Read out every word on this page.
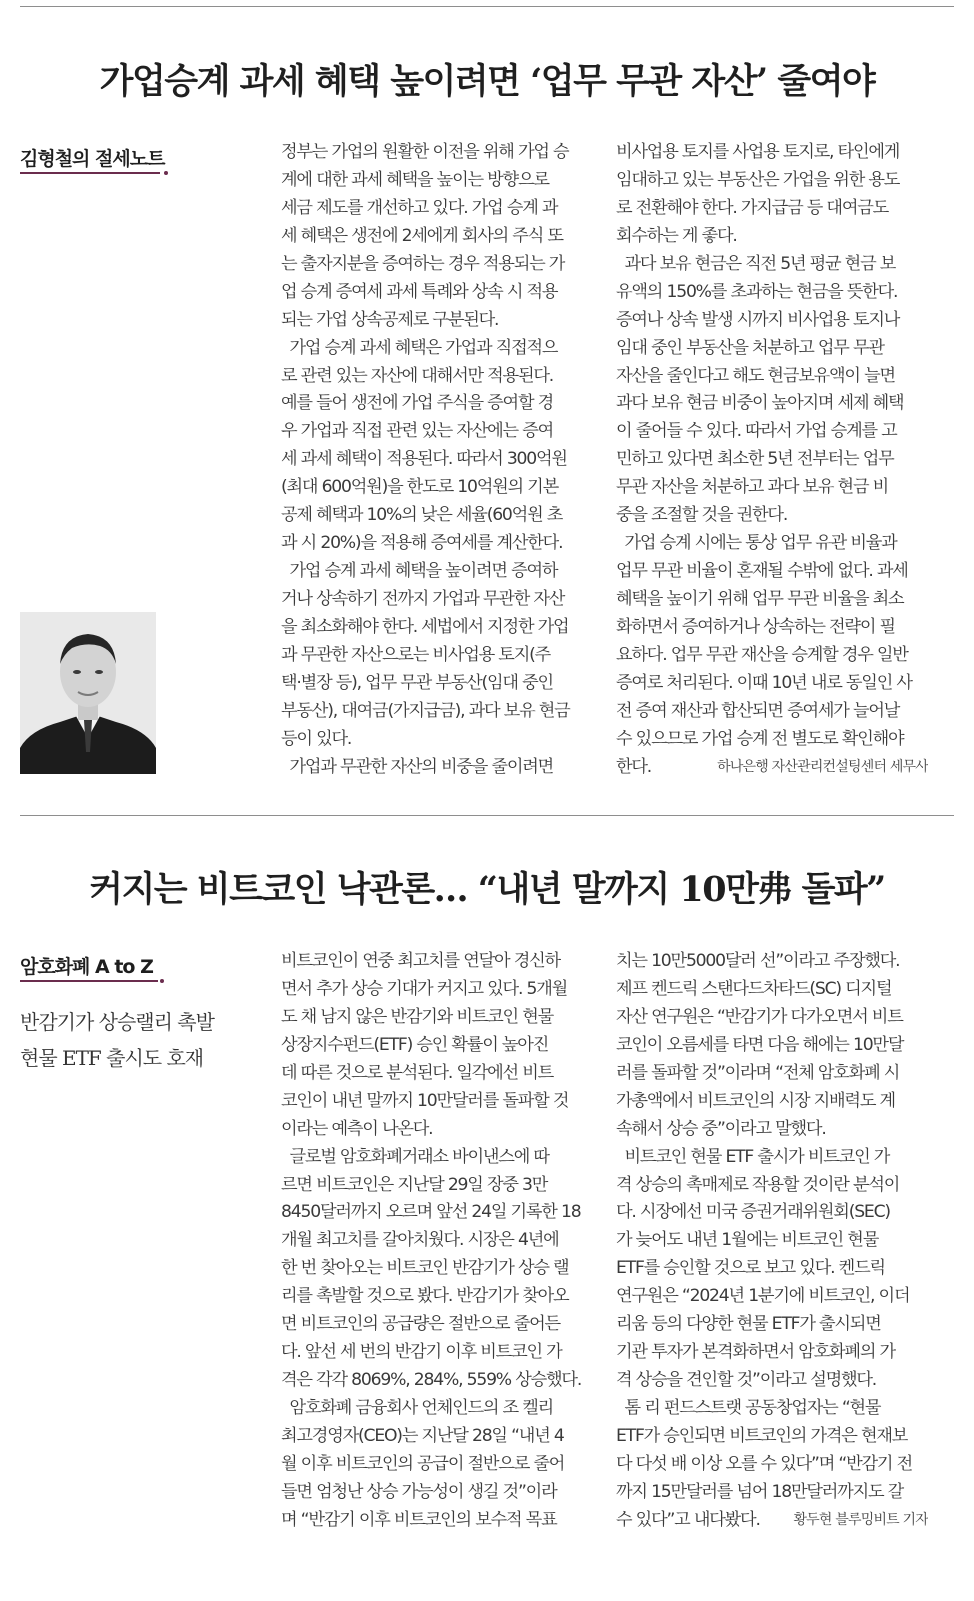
가업승계 과세 혜택 높이려면 ‘업무 무관 자산’ 줄여야
김형철의 절세노트	정부는 가업의 원활한 이전을 위해 가업 승
계에 대한 과세 혜택을 높이는 방향으로
세금 제도를 개선하고 있다. 가업 승계 과
세 혜택은 생전에 2세에게 회사의 주식 또
는 출자지분을 증여하는 경우 적용되는 가
업 승계 증여세 과세 특례와 상속 시 적용
되는 가업 상속공제로 구분된다.
가업 승계 과세 혜택은 가업과 직접적으
로 관련 있는 자산에 대해서만 적용된다.
예를 들어 생전에 가업 주식을 증여할 경
우 가업과 직접 관련 있는 자산에는 증여
세 과세 혜택이 적용된다. 따라서 300억원
(최대 600억원)을 한도로 10억원의 기본
공제 혜택과 10%의 낮은 세율(60억원 초
과 시 20%)을 적용해 증여세를 계산한다.
가업 승계 과세 혜택을 높이려면 증여하
거나 상속하기 전까지 가업과 무관한 자산
을 최소화해야 한다. 세법에서 지정한 가업
과 무관한 자산으로는 비사업용 토지(주
택·별장 등), 업무 무관 부동산(임대 중인
부동산), 대여금(가지급금), 과다 보유 현금
등이 있다.
가업과 무관한 자산의 비중을 줄이려면
비사업용 토지를 사업용 토지로, 타인에게
임대하고 있는 부동산은 가업을 위한 용도
로 전환해야 한다. 가지급금 등 대여금도
회수하는 게 좋다.
과다 보유 현금은 직전 5년 평균 현금 보
유액의 150%를 초과하는 현금을 뜻한다.
증여나 상속 발생 시까지 비사업용 토지나
임대 중인 부동산을 처분하고 업무 무관
자산을 줄인다고 해도 현금보유액이 늘면
과다 보유 현금 비중이 높아지며 세제 혜택
이 줄어들 수 있다. 따라서 가업 승계를 고
민하고 있다면 최소한 5년 전부터는 업무
무관 자산을 처분하고 과다 보유 현금 비
중을 조절할 것을 권한다.
가업 승계 시에는 통상 업무 유관 비율과
업무 무관 비율이 혼재될 수밖에 없다. 과세
혜택을 높이기 위해 업무 무관 비율을 최소
화하면서 증여하거나 상속하는 전략이 필
요하다. 업무 무관 재산을 승계할 경우 일반
증여로 처리된다. 이때 10년 내로 동일인 사
전 증여 재산과 합산되면 증여세가 늘어날
수 있으므로 가업 승계 전 별도로 확인해야
한다.	하나은행 자산관리컨설팅센터 세무사
커지는 비트코인 낙관론… “내년 말까지 10만弗 돌파”
암호화폐 A to Z
반감기가 상승랠리 촉발
현물 ETF 출시도 호재
비트코인이 연중 최고치를 연달아 경신하
면서 추가 상승 기대가 커지고 있다. 5개월
도 채 남지 않은 반감기와 비트코인 현물
상장지수펀드(ETF) 승인 확률이 높아진
데 따른 것으로 분석된다. 일각에선 비트
코인이 내년 말까지 10만달러를 돌파할 것
이라는 예측이 나온다.
글로벌 암호화폐거래소 바이낸스에 따
르면 비트코인은 지난달 29일 장중 3만
8450달러까지 오르며 앞선 24일 기록한 18
개월 최고치를 갈아치웠다. 시장은 4년에
한 번 찾아오는 비트코인 반감기가 상승 랠
리를 촉발할 것으로 봤다. 반감기가 찾아오
면 비트코인의 공급량은 절반으로 줄어든
다. 앞선 세 번의 반감기 이후 비트코인 가
격은 각각 8069%, 284%, 559% 상승했다.
암호화폐 금융회사 언체인드의 조 켈리
최고경영자(CEO)는 지난달 28일 “내년 4
월 이후 비트코인의 공급이 절반으로 줄어
들면 엄청난 상승 가능성이 생길 것”이라
며 “반감기 이후 비트코인의 보수적 목표
치는 10만5000달러 선”이라고 주장했다.
제프 켄드릭 스탠다드차타드(SC) 디지털
자산 연구원은 “반감기가 다가오면서 비트
코인이 오름세를 타면 다음 해에는 10만달
러를 돌파할 것”이라며 “전체 암호화폐 시
가총액에서 비트코인의 시장 지배력도 계
속해서 상승 중”이라고 말했다.
비트코인 현물 ETF 출시가 비트코인 가
격 상승의 촉매제로 작용할 것이란 분석이
다. 시장에선 미국 증권거래위원회(SEC)
가 늦어도 내년 1월에는 비트코인 현물
ETF를 승인할 것으로 보고 있다. 켄드릭
연구원은 “2024년 1분기에 비트코인, 이더
리움 등의 다양한 현물 ETF가 출시되면
기관 투자가 본격화하면서 암호화폐의 가
격 상승을 견인할 것”이라고 설명했다.
톰 리 펀드스트랫 공동창업자는 “현물
ETF가 승인되면 비트코인의 가격은 현재보
다 다섯 배 이상 오를 수 있다”며 “반감기 전
까지 15만달러를 넘어 18만달러까지도 갈
수 있다”고 내다봤다. 황두현 블루밍비트 기자
